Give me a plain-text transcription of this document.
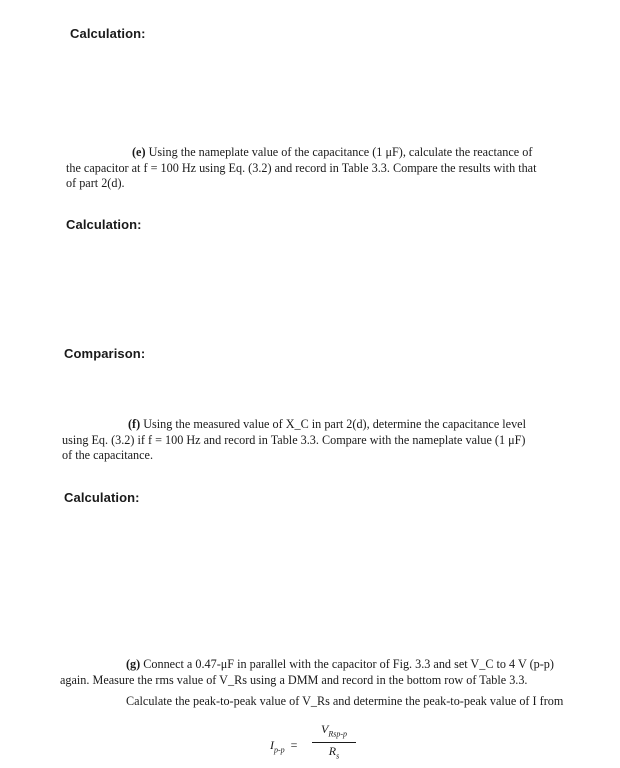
Calculation:
(e) Using the nameplate value of the capacitance (1 μF), calculate the reactance of
the capacitor at f = 100 Hz using Eq. (3.2) and record in Table 3.3. Compare the results with that
of part 2(d).
Calculation:
Comparison:
(f) Using the measured value of X_C in part 2(d), determine the capacitance level
using Eq. (3.2) if f = 100 Hz and record in Table 3.3. Compare with the nameplate value (1 μF)
of the capacitance.
Calculation:
(g) Connect a 0.47-μF in parallel with the capacitor of Fig. 3.3 and set V_C to 4 V (p-p)
again. Measure the rms value of V_Rs using a DMM and record in the bottom row of Table 3.3.
Calculate the peak-to-peak value of V_Rs and determine the peak-to-peak value of I from
$I_{p-p}$ =
$V_{Rsp-p}$
$R_s$
